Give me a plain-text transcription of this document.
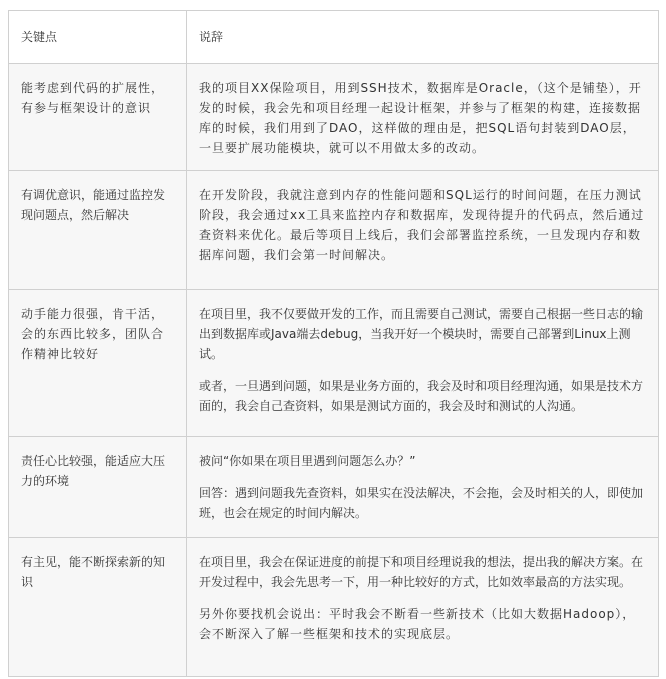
关键点	说辞
能考虑到代码的扩展性，有参与框架设计的意识	我的项目XX保险项目，用到SSH技术，数据库是Oracle，（这个是铺垫），开发的时候，我会先和项目经理一起设计框架，并参与了框架的构建，连接数据库的时候，我们用到了DAO，这样做的理由是，把SQL语句封装到DAO层，一旦要扩展功能模块，就可以不用做太多的改动。

有调优意识，能通过监控发现问题点，然后解决	在开发阶段，我就注意到内存的性能问题和SQL运行的时间问题，在压力测试阶段，我会通过xx工具来监控内存和数据库，发现待提升的代码点，然后通过查资料来优化。最后等项目上线后，我们会部署监控系统，一旦发现内存和数据库问题，我们会第一时间解决。

动手能力很强，肯干活，会的东西比较多，团队合作精神比较好	在项目里，我不仅要做开发的工作，而且需要自己测试，需要自己根据一些日志的输出到数据库或Java端去debug，当我开好一个模块时，需要自己部署到Linux上测试。

或者，一旦遇到问题，如果是业务方面的，我会及时和项目经理沟通，如果是技术方面的，我会自己查资料，如果是测试方面的，我会及时和测试的人沟通。

责任心比较强，能适应大压力的环境	被问“你如果在项目里遇到问题怎么办？”

回答：遇到问题我先查资料，如果实在没法解决，不会拖，会及时相关的人，即使加班，也会在规定的时间内解决。

有主见，能不断探索新的知识	在项目里，我会在保证进度的前提下和项目经理说我的想法，提出我的解决方案。在开发过程中，我会先思考一下，用一种比较好的方式，比如效率最高的方法实现。

另外你要找机会说出：平时我会不断看一些新技术（比如大数据Hadoop），会不断深入了解一些框架和技术的实现底层。
